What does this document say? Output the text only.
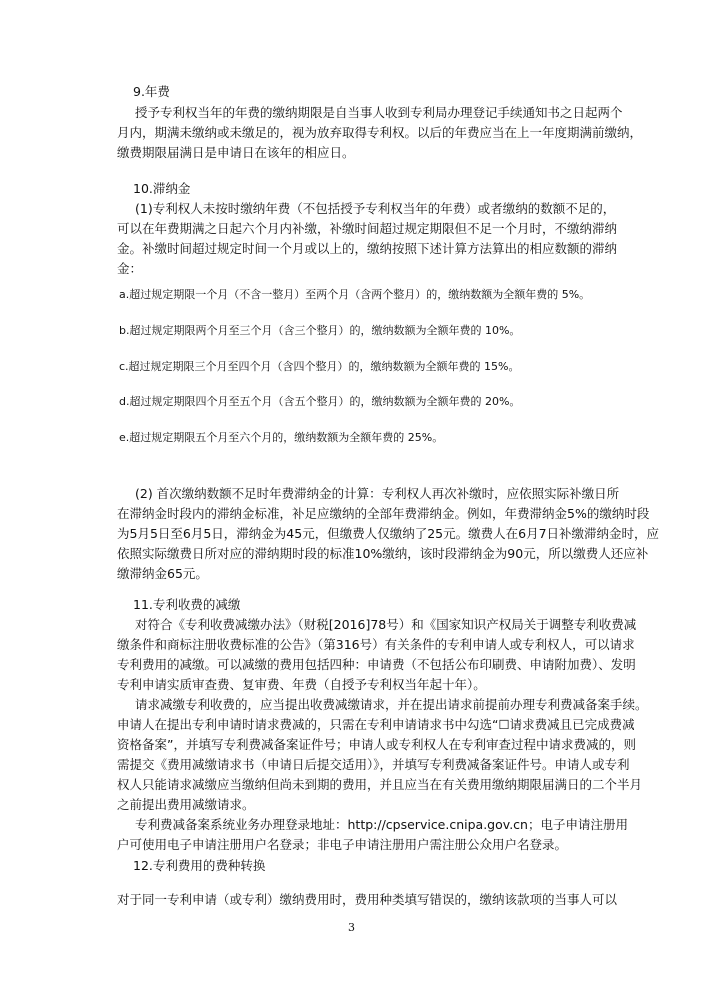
9.年费
授予专利权当年的年费的缴纳期限是自当事人收到专利局办理登记手续通知书之日起两个
月内，期满未缴纳或未缴足的，视为放弃取得专利权。以后的年费应当在上一年度期满前缴纳，
缴费期限届满日是申请日在该年的相应日。
10.滞纳金
(1)专利权人未按时缴纳年费（不包括授予专利权当年的年费）或者缴纳的数额不足的，
可以在年费期满之日起六个月内补缴，补缴时间超过规定期限但不足一个月时，不缴纳滞纳
金。补缴时间超过规定时间一个月或以上的，缴纳按照下述计算方法算出的相应数额的滞纳
金：
a.超过规定期限一个月（不含一整月）至两个月（含两个整月）的，缴纳数额为全额年费的 5%。
b.超过规定期限两个月至三个月（含三个整月）的，缴纳数额为全额年费的 10%。
c.超过规定期限三个月至四个月（含四个整月）的，缴纳数额为全额年费的 15%。
d.超过规定期限四个月至五个月（含五个整月）的，缴纳数额为全额年费的 20%。
e.超过规定期限五个月至六个月的，缴纳数额为全额年费的 25%。
(2) 首次缴纳数额不足时年费滞纳金的计算：专利权人再次补缴时，应依照实际补缴日所
在滞纳金时段内的滞纳金标准，补足应缴纳的全部年费滞纳金。例如，年费滞纳金5%的缴纳时段
为5月5日至6月5日，滞纳金为45元，但缴费人仅缴纳了25元。缴费人在6月7日补缴滞纳金时，应
依照实际缴费日所对应的滞纳期时段的标准10%缴纳，该时段滞纳金为90元，所以缴费人还应补
缴滞纳金65元。
11.专利收费的减缴
对符合《专利收费减缴办法》（财税[2016]78号）和《国家知识产权局关于调整专利收费减
缴条件和商标注册收费标准的公告》（第316号）有关条件的专利申请人或专利权人，可以请求
专利费用的减缴。可以减缴的费用包括四种：申请费（不包括公布印刷费、申请附加费）、发明
专利申请实质审查费、复审费、年费（自授予专利权当年起十年）。
请求减缴专利收费的，应当提出收费减缴请求，并在提出请求前提前办理专利费减备案手续。
申请人在提出专利申请时请求费减的，只需在专利申请请求书中勾选“☐请求费减且已完成费减
资格备案”，并填写专利费减备案证件号；申请人或专利权人在专利审查过程中请求费减的，则
需提交《费用减缴请求书（申请日后提交适用）》，并填写专利费减备案证件号。申请人或专利
权人只能请求减缴应当缴纳但尚未到期的费用，并且应当在有关费用缴纳期限届满日的二个半月
之前提出费用减缴请求。
专利费减备案系统业务办理登录地址：http://cpservice.cnipa.gov.cn；电子申请注册用
户可使用电子申请注册用户名登录；非电子申请注册用户需注册公众用户名登录。
12.专利费用的费种转换
对于同一专利申请（或专利）缴纳费用时，费用种类填写错误的，缴纳该款项的当事人可以
3
